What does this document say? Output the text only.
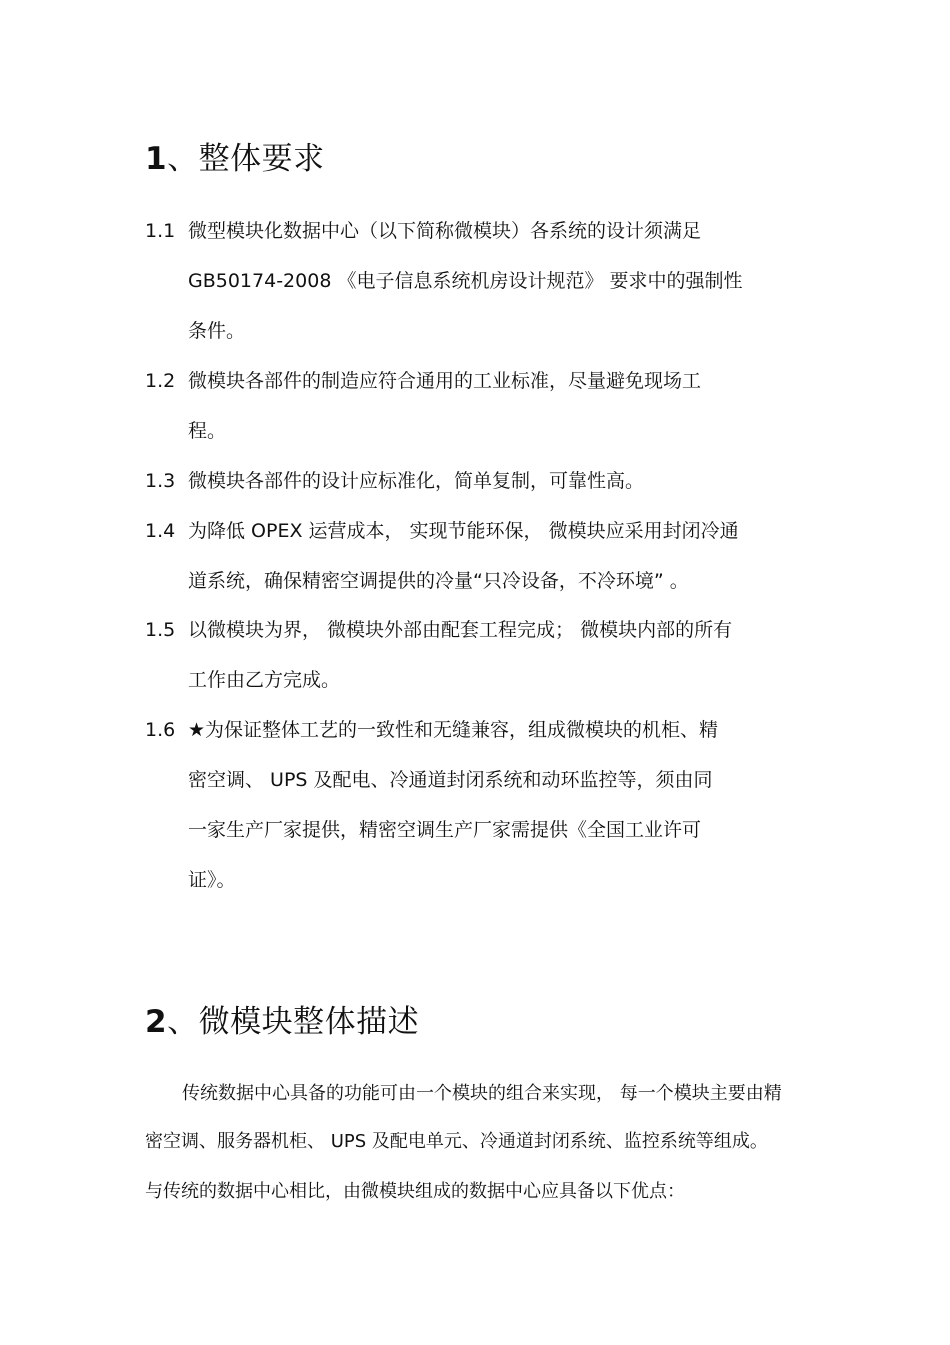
1、整体要求
1.1 微型模块化数据中心（以下简称微模块）各系统的设计须满足

GB50174-2008 《电子信息系统机房设计规范》 要求中的强制性

条件。

1.2 微模块各部件的制造应符合通用的工业标准，尽量避免现场工

程。

1.3 微模块各部件的设计应标准化，简单复制，可靠性高。

1.4 为降低 OPEX 运营成本， 实现节能环保， 微模块应采用封闭冷通

道系统，确保精密空调提供的冷量“只冷设备，不冷环境” 。

1.5 以微模块为界， 微模块外部由配套工程完成； 微模块内部的所有

工作由乙方完成。

1.6 ★为保证整体工艺的一致性和无缝兼容，组成微模块的机柜、精

密空调、 UPS 及配电、冷通道封闭系统和动环监控等，须由同

一家生产厂家提供，精密空调生产厂家需提供《全国工业许可

证》。

2、微模块整体描述

传统数据中心具备的功能可由一个模块的组合来实现， 每一个模块主要由精

密空调、服务器机柜、 UPS 及配电单元、冷通道封闭系统、监控系统等组成。

与传统的数据中心相比，由微模块组成的数据中心应具备以下优点：
